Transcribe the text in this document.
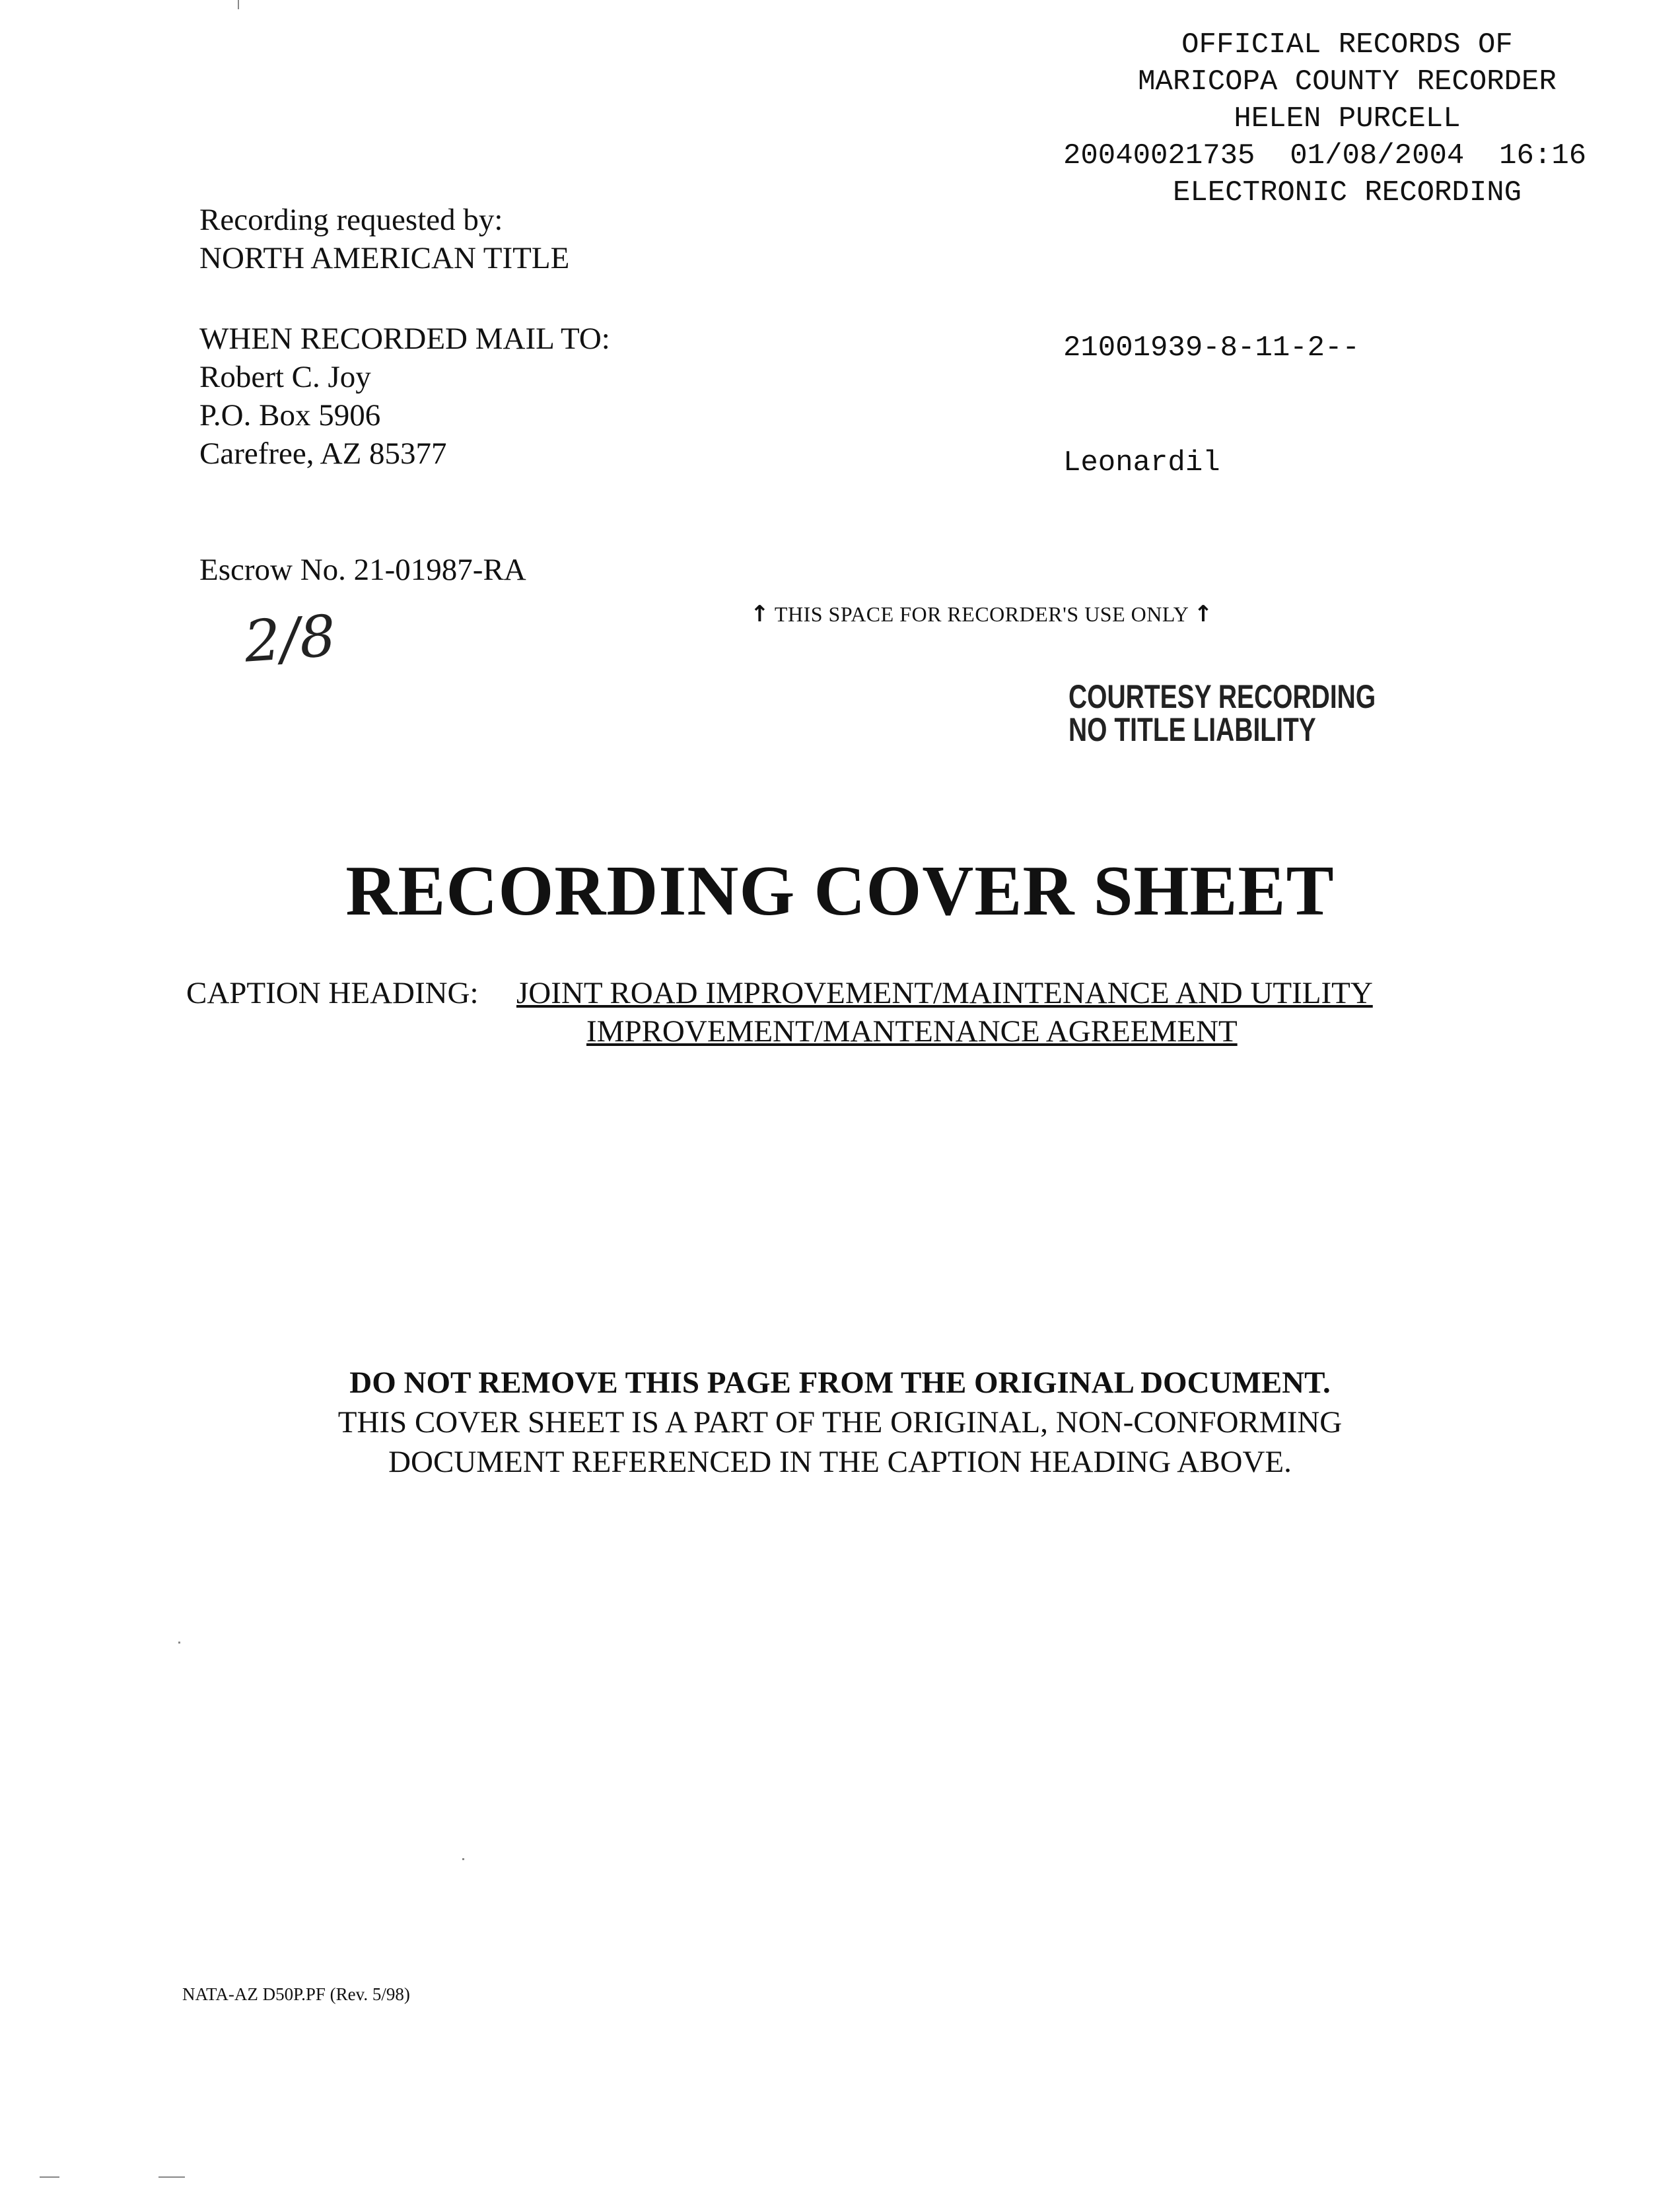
OFFICIAL RECORDS OF
MARICOPA COUNTY RECORDER
HELEN PURCELL
20040021735  01/08/2004  16:16
ELECTRONIC RECORDING

21001939-8-11-2--

Leonardil

Recording requested by:
NORTH AMERICAN TITLE
WHEN RECORDED MAIL TO:
Robert C. Joy
P.O. Box 5906
Carefree, AZ 85377
Escrow No. 21-01987-RA
2/8	↑ THIS SPACE FOR RECORDER'S USE ONLY ↑
COURTESY RECORDING
NO TITLE LIABILITY
RECORDING COVER SHEET
CAPTION HEADING: JOINT ROAD IMPROVEMENT/MAINTENANCE AND UTILITY
IMPROVEMENT/MANTENANCE AGREEMENT
DO NOT REMOVE THIS PAGE FROM THE ORIGINAL DOCUMENT.
THIS COVER SHEET IS A PART OF THE ORIGINAL, NON-CONFORMING
DOCUMENT REFERENCED IN THE CAPTION HEADING ABOVE.
NATA-AZ D50P.PF (Rev. 5/98)
